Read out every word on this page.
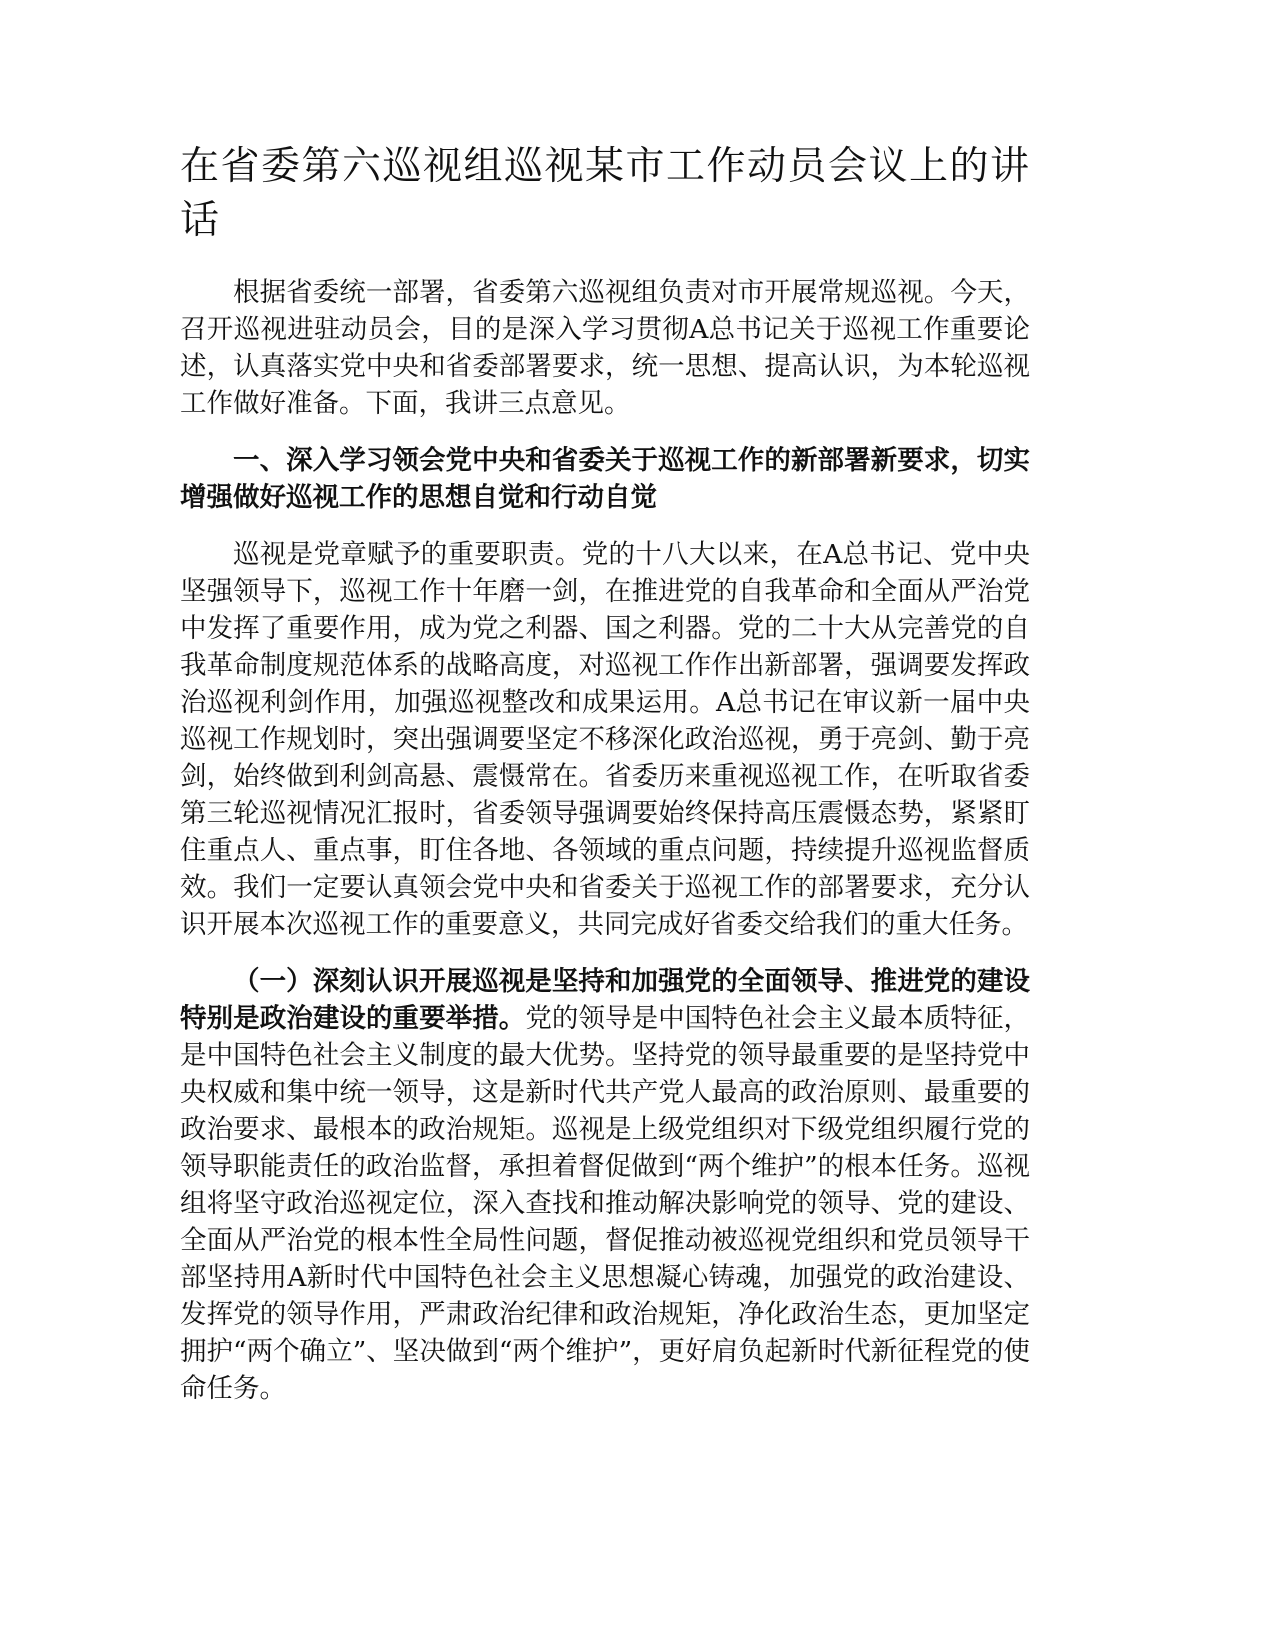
在省委第六巡视组巡视某市工作动员会议上的讲话

根据省委统一部署，省委第六巡视组负责对市开展常规巡视。今天，召开巡视进驻动员会，目的是深入学习贯彻A总书记关于巡视工作重要论述，认真落实党中央和省委部署要求，统一思想、提高认识，为本轮巡视工作做好准备。下面，我讲三点意见。

一、深入学习领会党中央和省委关于巡视工作的新部署新要求，切实增强做好巡视工作的思想自觉和行动自觉

巡视是党章赋予的重要职责。党的十八大以来，在A总书记、党中央坚强领导下，巡视工作十年磨一剑，在推进党的自我革命和全面从严治党中发挥了重要作用，成为党之利器、国之利器。党的二十大从完善党的自我革命制度规范体系的战略高度，对巡视工作作出新部署，强调要发挥政治巡视利剑作用，加强巡视整改和成果运用。A总书记在审议新一届中央巡视工作规划时，突出强调要坚定不移深化政治巡视，勇于亮剑、勤于亮剑，始终做到利剑高悬、震慑常在。省委历来重视巡视工作，在听取省委第三轮巡视情况汇报时，省委领导强调要始终保持高压震慑态势，紧紧盯住重点人、重点事，盯住各地、各领域的重点问题，持续提升巡视监督质效。我们一定要认真领会党中央和省委关于巡视工作的部署要求，充分认识开展本次巡视工作的重要意义，共同完成好省委交给我们的重大任务。

（一）深刻认识开展巡视是坚持和加强党的全面领导、推进党的建设特别是政治建设的重要举措。党的领导是中国特色社会主义最本质特征，是中国特色社会主义制度的最大优势。坚持党的领导最重要的是坚持党中央权威和集中统一领导，这是新时代共产党人最高的政治原则、最重要的政治要求、最根本的政治规矩。巡视是上级党组织对下级党组织履行党的领导职能责任的政治监督，承担着督促做到“两个维护”的根本任务。巡视组将坚守政治巡视定位，深入查找和推动解决影响党的领导、党的建设、全面从严治党的根本性全局性问题，督促推动被巡视党组织和党员领导干部坚持用A新时代中国特色社会主义思想凝心铸魂，加强党的政治建设、发挥党的领导作用，严肃政治纪律和政治规矩，净化政治生态，更加坚定拥护“两个确立”、坚决做到“两个维护”，更好肩负起新时代新征程党的使命任务。
